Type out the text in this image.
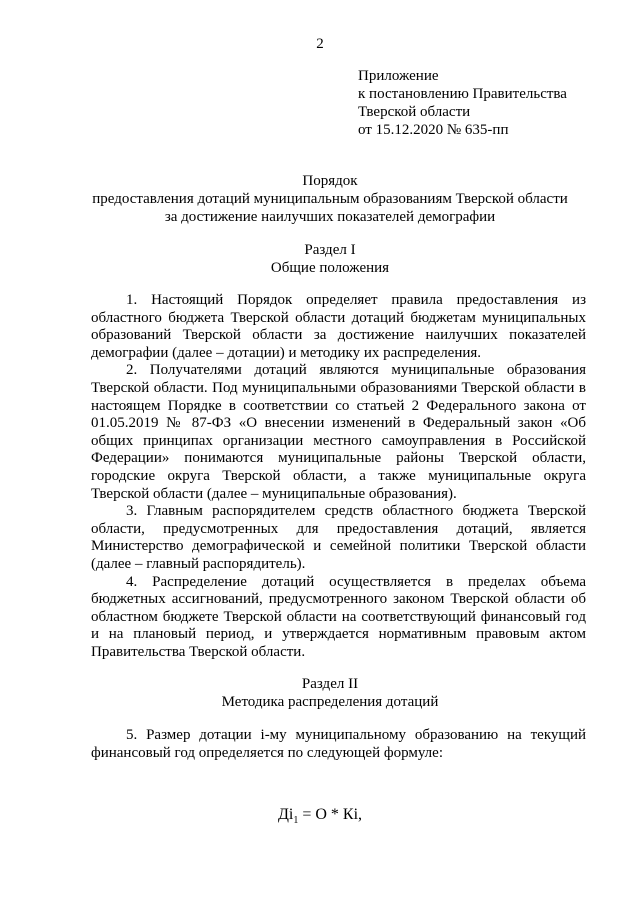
2
Приложение
к постановлению Правительства
Тверской области
от 15.12.2020 № 635-пп
Порядок
предоставления дотаций муниципальным образованиям Тверской области
за достижение наилучших показателей демографии
Раздел I
Общие положения

1. Настоящий Порядок определяет правила предоставления из областного бюджета Тверской области дотаций бюджетам муниципальных образований Тверской области за достижение наилучших показателей демографии (далее – дотации) и методику их распределения.

2. Получателями дотаций являются муниципальные образования Тверской области. Под муниципальными образованиями Тверской области в настоящем Порядке в соответствии со статьей 2 Федерального закона от 01.05.2019 № 87-ФЗ «О внесении изменений в Федеральный закон «Об общих принципах организации местного самоуправления в Российской Федерации» понимаются муниципальные районы Тверской области, городские округа Тверской области, а также муниципальные округа Тверской области (далее – муниципальные образования).

3. Главным распорядителем средств областного бюджета Тверской области, предусмотренных для предоставления дотаций, является Министерство демографической и семейной политики Тверской области (далее – главный распорядитель).

4. Распределение дотаций осуществляется в пределах объема бюджетных ассигнований, предусмотренного законом Тверской области об областном бюджете Тверской области на соответствующий финансовый год и на плановый период, и утверждается нормативным правовым актом Правительства Тверской области.

Раздел II
Методика распределения дотаций

5. Размер дотации i-му муниципальному образованию на текущий финансовый год определяется по следующей формуле:

$Дi_1 = О$ * Кi,
